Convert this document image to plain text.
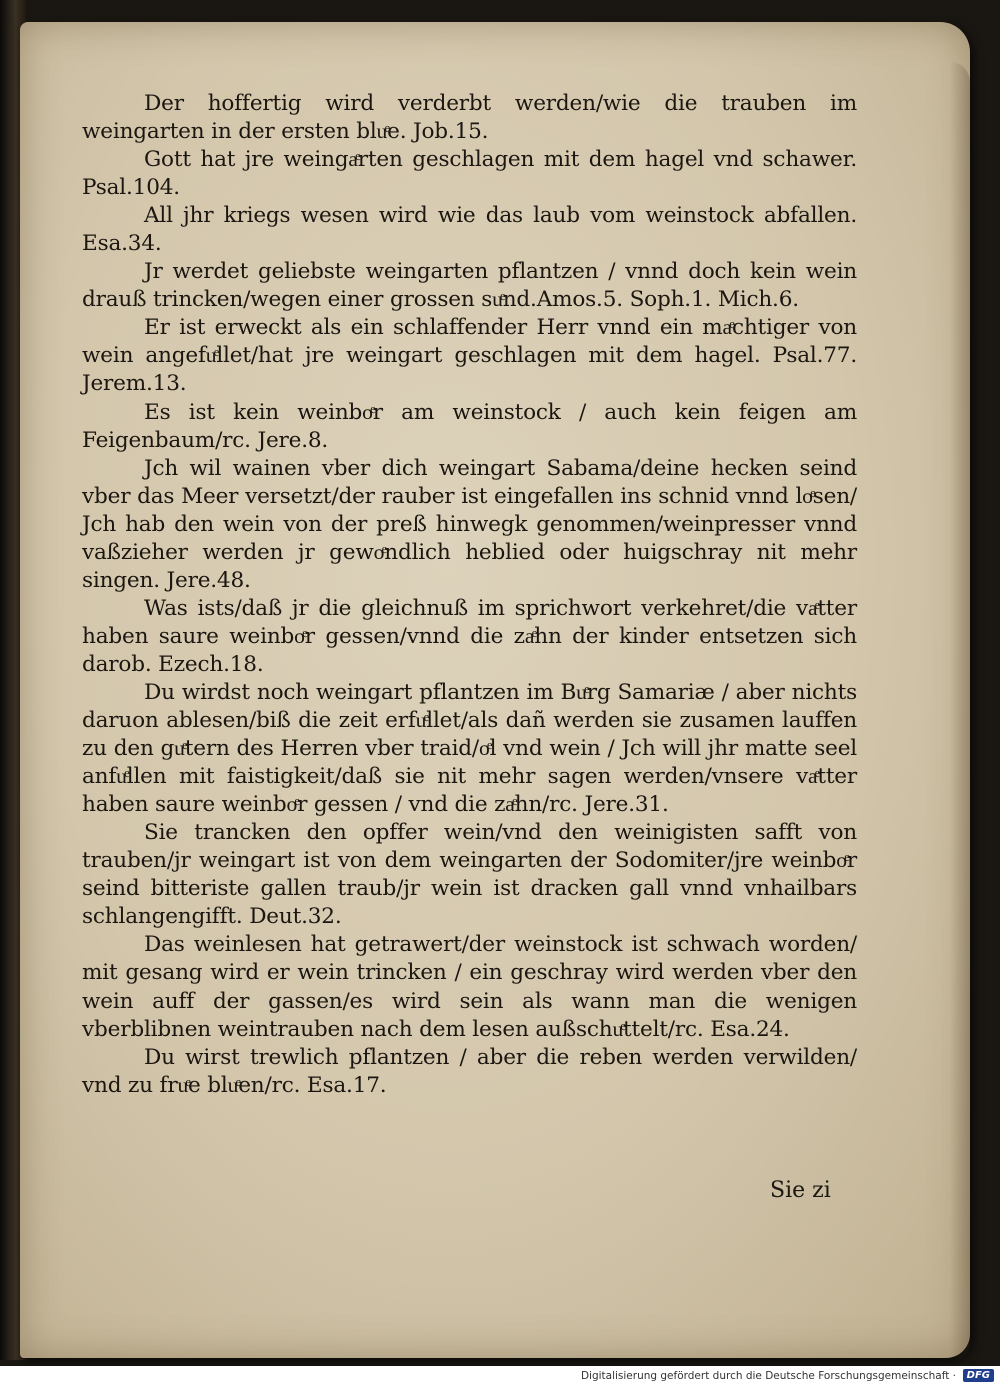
Der hoffertig wird verderbt werden/wie die trauben im weingarten in der ersten bluͤe. Job.15.

Gott hat jre weingaͤrten geschlagen mit dem hagel vnd schawer. Psal.104.

All jhr kriegs wesen wird wie das laub vom weinstock abfallen. Esa.34.

Jr werdet geliebste weingarten pflantzen / vnnd doch kein wein drauß trincken/wegen einer grossen suͤnd.Amos.5. Soph.1. Mich.6.

Er ist erweckt als ein schlaffender Herr vnnd ein maͤchtiger von wein angefuͤllet/hat jre weingart geschlagen mit dem hagel. Psal.77. Jerem.13.

Es ist kein weinboͤr am weinstock / auch kein feigen am Feigenbaum/rc. Jere.8.

Jch wil wainen vber dich weingart Sabama/deine hecken seind vber das Meer versetzt/der rauber ist eingefallen ins schnid vnnd loͤsen/ Jch hab den wein von der preß hinwegk genommen/weinpresser vnnd vaßzieher werden jr gewoͤndlich heblied oder huigschray nit mehr singen. Jere.48.

Was ists/daß jr die gleichnuß im sprichwort verkehret/die vaͤtter haben saure weinboͤr gessen/vnnd die zaͤhn der kinder entsetzen sich darob. Ezech.18.

Du wirdst noch weingart pflantzen im Buͤrg Samariæ / aber nichts daruon ablesen/biß die zeit erfuͤllet/als dañ werden sie zusamen lauffen zu den guͤtern des Herren vber traid/oͤl vnd wein / Jch will jhr matte seel anfuͤllen mit faistigkeit/daß sie nit mehr sagen werden/vnsere vaͤtter haben saure weinboͤr gessen / vnd die zaͤhn/rc. Jere.31.

Sie trancken den opffer wein/vnd den weinigisten safft von trauben/jr weingart ist von dem weingarten der Sodomiter/jre weinboͤr seind bitteriste gallen traub/jr wein ist dracken gall vnnd vnhailbars schlangengifft. Deut.32.

Das weinlesen hat getrawert/der weinstock ist schwach worden/ mit gesang wird er wein trincken / ein geschray wird werden vber den wein auff der gassen/es wird sein als wann man die wenigen vberblibnen weintrauben nach dem lesen außschuͤttelt/rc. Esa.24.

Du wirst trewlich pflantzen / aber die reben werden verwilden/ vnd zu fruͤe bluͤen/rc. Esa.17.

Sie zi
Digitalisierung gefördert durch die Deutsche Forschungsgemeinschaft ·	DFG
